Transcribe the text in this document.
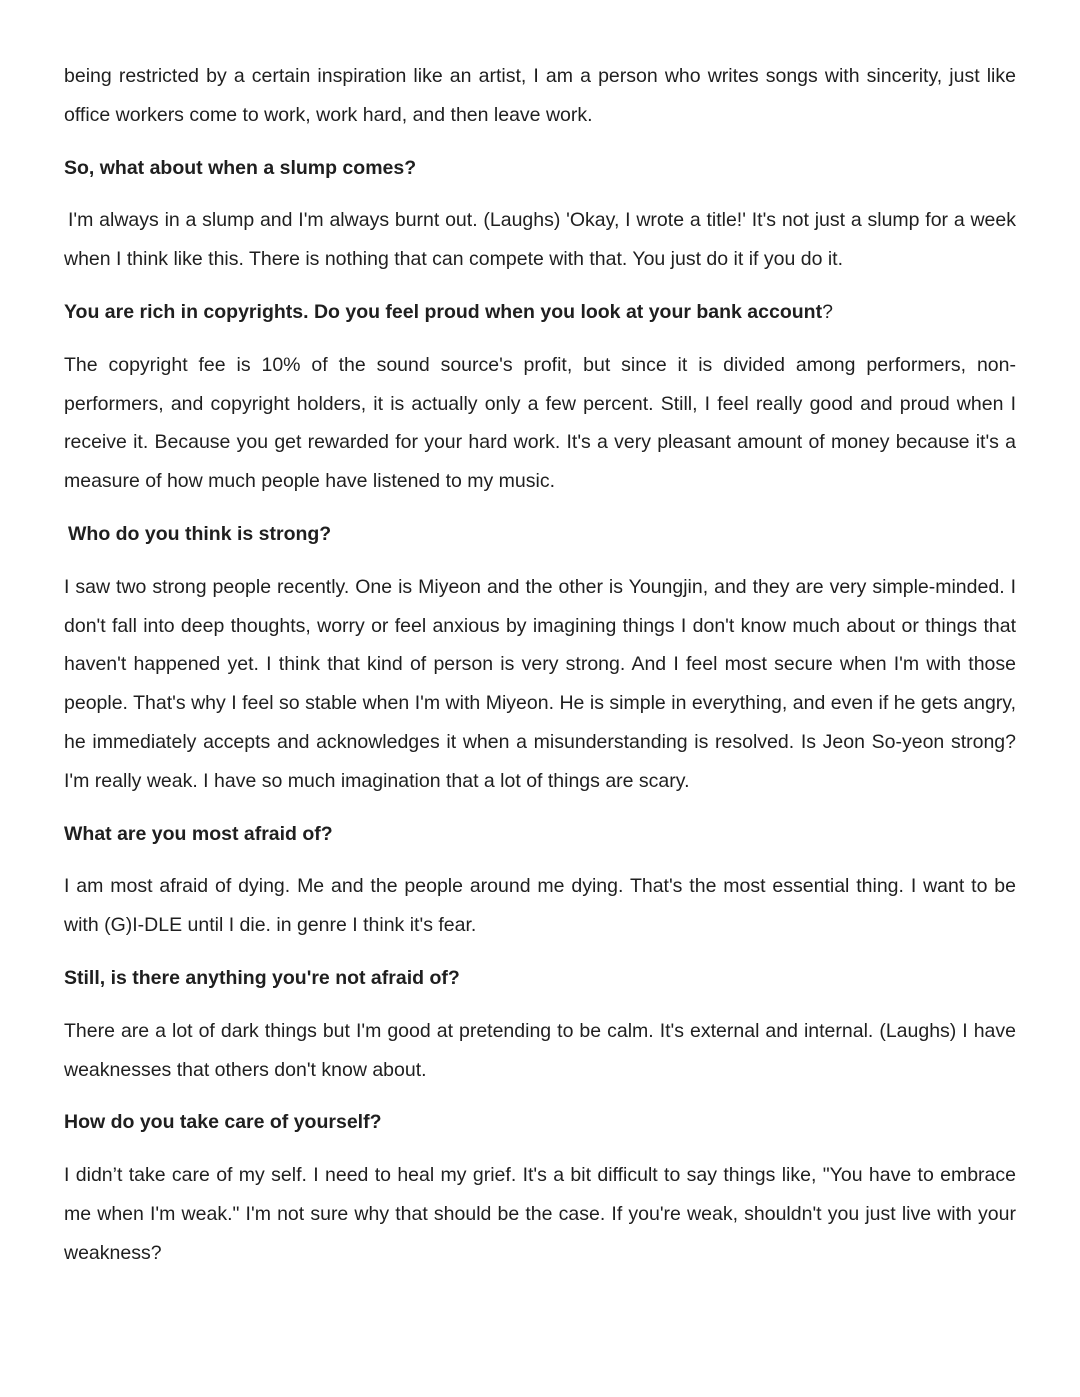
being restricted by a certain inspiration like an artist, I am a person who writes songs with sincerity, just like office workers come to work, work hard, and then leave work.

So, what about when a slump comes?

I'm always in a slump and I'm always burnt out. (Laughs) 'Okay, I wrote a title!' It's not just a slump for a week when I think like this. There is nothing that can compete with that. You just do it if you do it.

You are rich in copyrights. Do you feel proud when you look at your bank account?

The copyright fee is 10% of the sound source's profit, but since it is divided among performers, non-performers, and copyright holders, it is actually only a few percent. Still, I feel really good and proud when I receive it. Because you get rewarded for your hard work. It's a very pleasant amount of money because it's a measure of how much people have listened to my music.

Who do you think is strong?

I saw two strong people recently. One is Miyeon and the other is Youngjin, and they are very simple-minded. I don't fall into deep thoughts, worry or feel anxious by imagining things I don't know much about or things that haven't happened yet. I think that kind of person is very strong. And I feel most secure when I'm with those people. That's why I feel so stable when I'm with Miyeon. He is simple in everything, and even if he gets angry, he immediately accepts and acknowledges it when a misunderstanding is resolved. Is Jeon So-yeon strong? I'm really weak. I have so much imagination that a lot of things are scary.

What are you most afraid of?

I am most afraid of dying. Me and the people around me dying. That's the most essential thing. I want to be with (G)I-DLE until I die. in genre I think it's fear.

Still, is there anything you're not afraid of?

There are a lot of dark things but I'm good at pretending to be calm. It's external and internal. (Laughs) I have weaknesses that others don't know about.

How do you take care of yourself?

I didn’t take care of my self. I need to heal my grief. It's a bit difficult to say things like, "You have to embrace me when I'm weak." I'm not sure why that should be the case. If you're weak, shouldn't you just live with your weakness?
